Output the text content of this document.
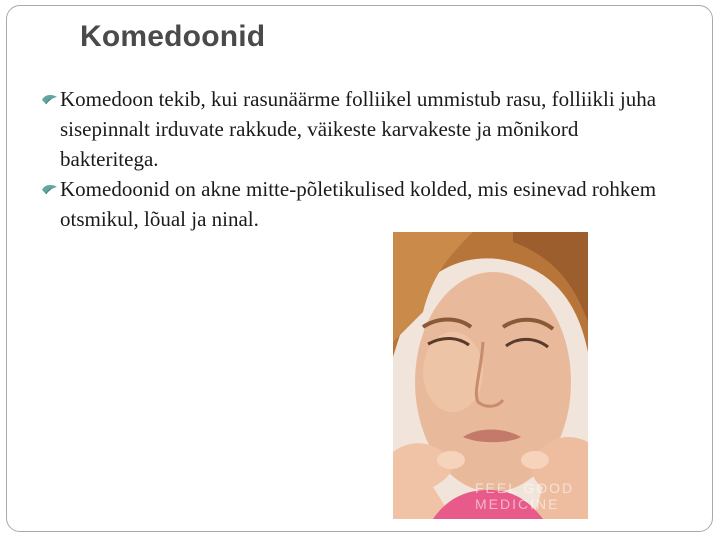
Komedoonid
Komedoon tekib, kui rasunäärme folliikel ummistub rasu, folliikli juha sisepinnalt irduvate rakkude, väikeste karvakeste ja mõnikord bakteritega.
Komedoonid on akne mitte-põletikulised kolded, mis esinevad rohkem otsmikul, lõual ja ninal.
FEEL GOOD
MEDICINE
